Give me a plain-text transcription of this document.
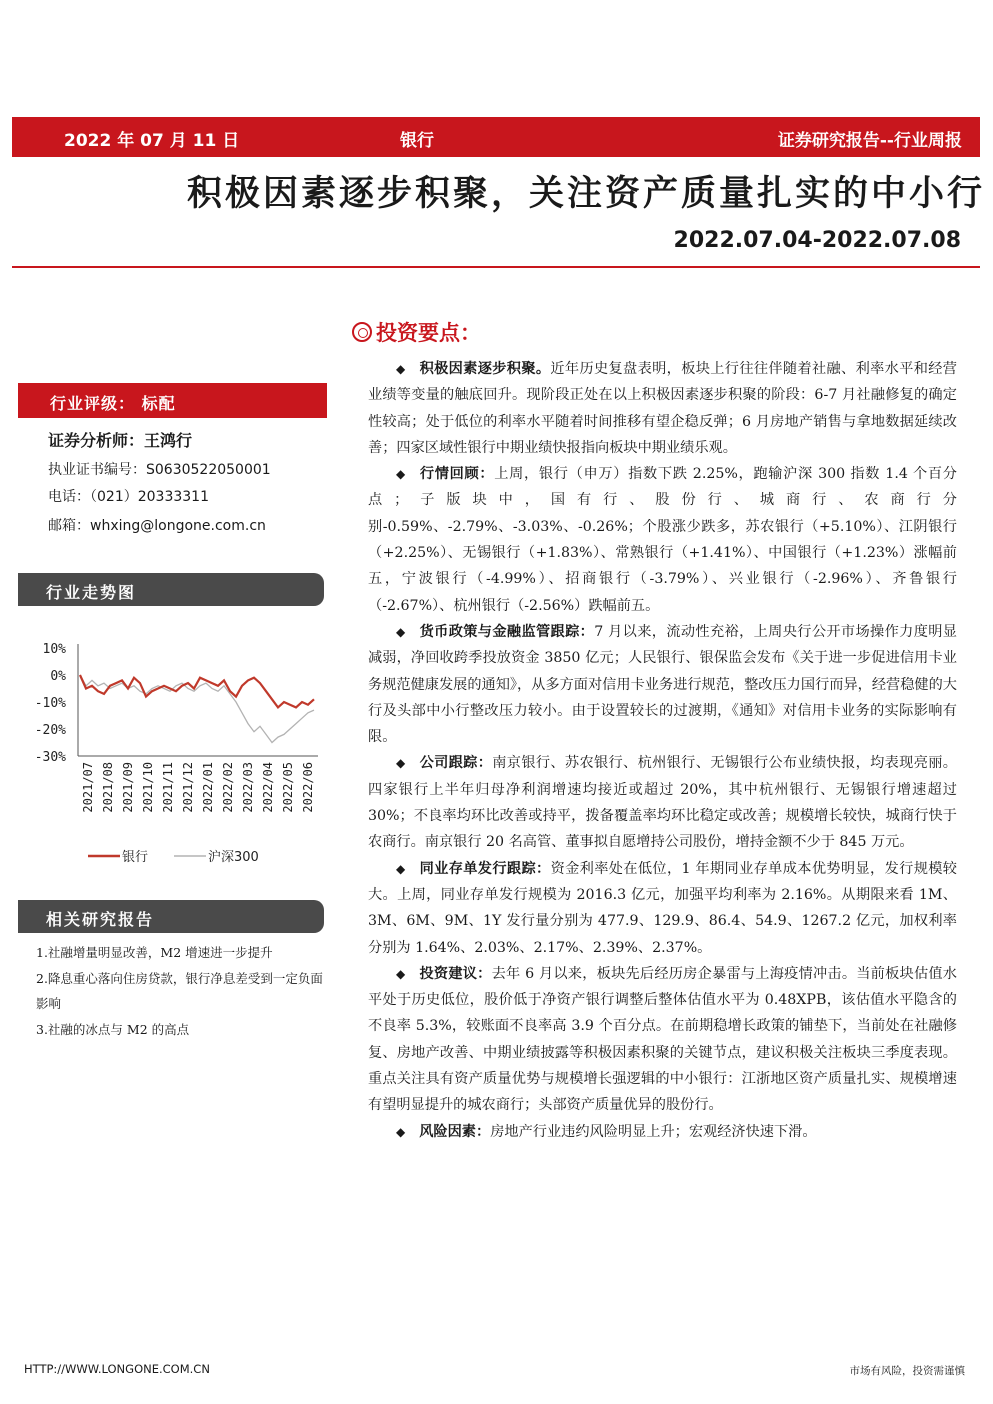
2022 年 07 月 11 日	银行	证券研究报告--行业周报
积极因素逐步积聚，关注资产质量扎实的中小行
2022.07.04-2022.07.08
行业评级： 标配
证券分析师：王鸿行
执业证书编号：S0630522050001
电话：（021）20333311
邮箱：whxing@longone.com.cn
行业走势图
10%
0%
-10%
-20%
-30%
2021/07 2021/08 2021/09 2021/10 2021/11 2021/12 2022/01 2022/02 2022/03 2022/04 2022/05 2022/06
银行	沪深300
相关研究报告
1.社融增量明显改善，M2 增速进一步提升
2.降息重心落向住房贷款，银行净息差受到一定负面影响
3.社融的冰点与 M2 的高点
投资要点：

◆ 积极因素逐步积聚。近年历史复盘表明，板块上行往往伴随着社融、利率水平和经营业绩等变量的触底回升。现阶段正处在以上积极因素逐步积聚的阶段：6-7 月社融修复的确定性较高；处于低位的利率水平随着时间推移有望企稳反弹；6 月房地产销售与拿地数据延续改善；四家区域性银行中期业绩快报指向板块中期业绩乐观。

◆ 行情回顾：上周，银行（申万）指数下跌 2.25%，跑输沪深 300 指数 1.4 个百分点；子版块中，国有行、股份行、城商行、农商行分别-0.59%、-2.79%、-3.03%、-0.26%；个股涨少跌多，苏农银行（+5.10%）、江阴银行（+2.25%）、无锡银行（+1.83%）、常熟银行（+1.41%）、中国银行（+1.23%）涨幅前五，宁波银行（-4.99%）、招商银行（-3.79%）、兴业银行（-2.96%）、齐鲁银行（-2.67%）、杭州银行（-2.56%）跌幅前五。

◆ 货币政策与金融监管跟踪：7 月以来，流动性充裕，上周央行公开市场操作力度明显减弱，净回收跨季投放资金 3850 亿元；人民银行、银保监会发布《关于进一步促进信用卡业务规范健康发展的通知》，从多方面对信用卡业务进行规范，整改压力国行而异，经营稳健的大行及头部中小行整改压力较小。由于设置较长的过渡期，《通知》对信用卡业务的实际影响有限。

◆ 公司跟踪：南京银行、苏农银行、杭州银行、无锡银行公布业绩快报，均表现亮丽。四家银行上半年归母净利润增速均接近或超过 20%，其中杭州银行、无锡银行增速超过 30%；不良率均环比改善或持平，拨备覆盖率均环比稳定或改善；规模增长较快，城商行快于农商行。南京银行 20 名高管、董事拟自愿增持公司股份，增持金额不少于 845 万元。

◆ 同业存单发行跟踪：资金利率处在低位，1 年期同业存单成本优势明显，发行规模较大。上周，同业存单发行规模为 2016.3 亿元，加强平均利率为 2.16%。从期限来看 1M、3M、6M、9M、1Y 发行量分别为 477.9、129.9、86.4、54.9、1267.2 亿元，加权利率分别为 1.64%、2.03%、2.17%、2.39%、2.37%。

◆ 投资建议：去年 6 月以来，板块先后经历房企暴雷与上海疫情冲击。当前板块估值水平处于历史低位，股价低于净资产银行调整后整体估值水平为 0.48XPB，该估值水平隐含的不良率 5.3%，较账面不良率高 3.9 个百分点。在前期稳增长政策的铺垫下，当前处在社融修复、房地产改善、中期业绩披露等积极因素积聚的关键节点，建议积极关注板块三季度表现。重点关注具有资产质量优势与规模增长强逻辑的中小银行：江浙地区资产质量扎实、规模增速有望明显提升的城农商行；头部资产质量优异的股份行。

◆ 风险因素：房地产行业违约风险明显上升；宏观经济快速下滑。

HTTP://WWW.LONGONE.COM.CN	市场有风险，投资需谨慎
